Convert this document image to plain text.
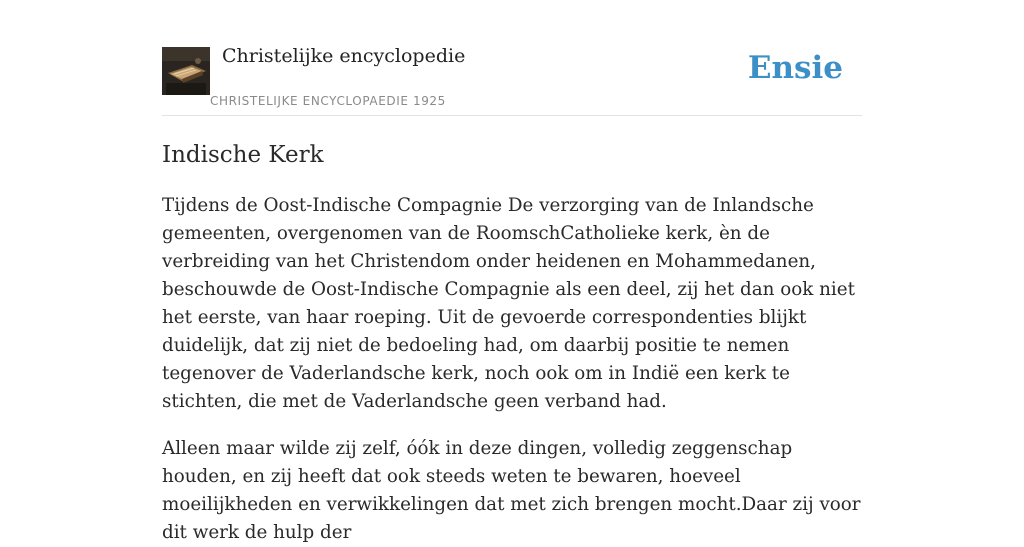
Christelijke encyclopedie
CHRISTELIJKE ENCYCLOPAEDIE 1925
Ensie
Indische Kerk

Tijdens de Oost-Indische Compagnie De verzorging van de Inlandsche gemeenten, overgenomen van de RoomschCatholieke kerk, èn de verbreiding van het Christendom onder heidenen en Mohammedanen, beschouwde de Oost-Indische Compagnie als een deel, zij het dan ook niet het eerste, van haar roeping. Uit de gevoerde correspondenties blijkt duidelijk, dat zij niet de bedoeling had, om daarbij positie te nemen tegenover de Vaderlandsche kerk, noch ook om in Indië een kerk te stichten, die met de Vaderlandsche geen verband had.

Alleen maar wilde zij zelf, óók in deze dingen, volledig zeggenschap houden, en zij heeft dat ook steeds weten te bewaren, hoeveel moeilijkheden en verwikkelingen dat met zich brengen mocht.Daar zij voor dit werk de hulp der
